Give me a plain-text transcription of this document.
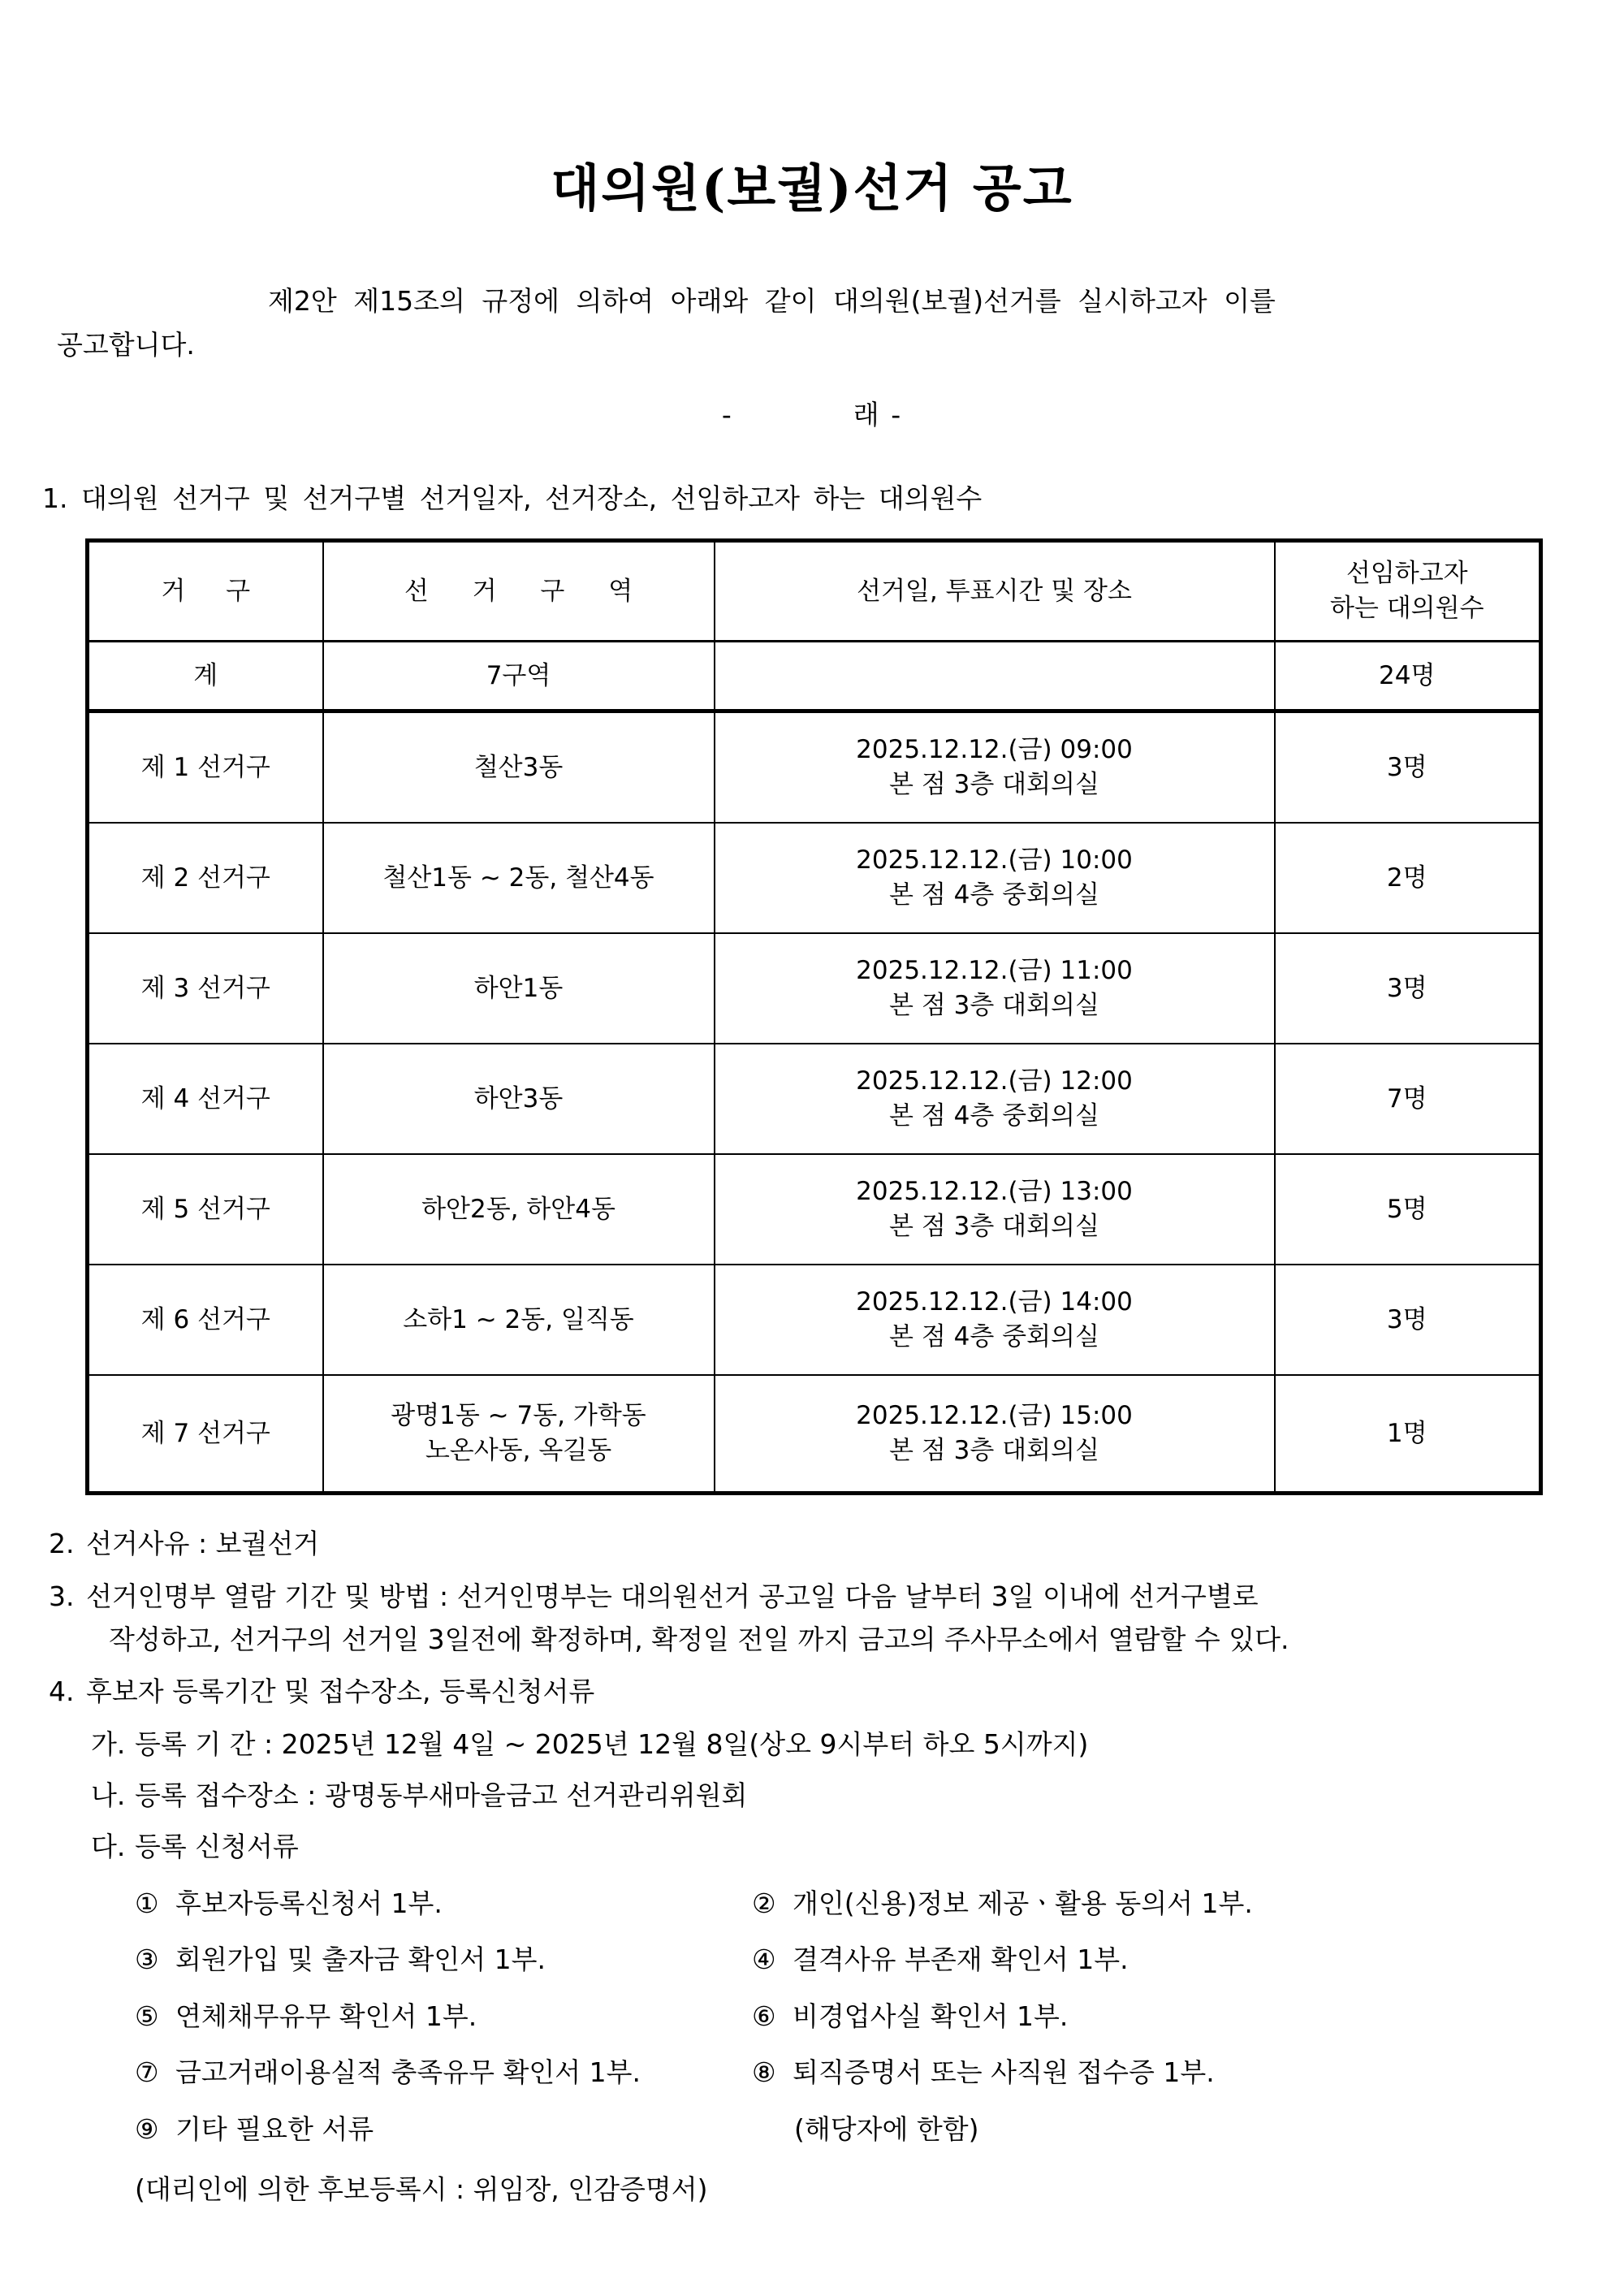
대의원(보궐)선거 공고

제2안 제15조의 규정에 의하여 아래와 같이 대의원(보궐)선거를 실시하고자 이를
공고합니다.

-래 -

1. 대의원 선거구 및 선거구별 선거일자, 선거장소, 선임하고자 하는 대의원수

거 구	선 거 구 역	선거일, 투표시간 및 장소	선임하고자
하는 대의원수
계	7구역		24명
제 1 선거구	철산3동	2025.12.12.(금) 09:00
본 점 3층 대회의실	3명
제 2 선거구	철산1동 ~ 2동, 철산4동	2025.12.12.(금) 10:00
본 점 4층 중회의실	2명
제 3 선거구	하안1동	2025.12.12.(금) 11:00
본 점 3층 대회의실	3명
제 4 선거구	하안3동	2025.12.12.(금) 12:00
본 점 4층 중회의실	7명
제 5 선거구	하안2동, 하안4동	2025.12.12.(금) 13:00
본 점 3층 대회의실	5명
제 6 선거구	소하1 ~ 2동, 일직동	2025.12.12.(금) 14:00
본 점 4층 중회의실	3명
제 7 선거구	광명1동 ~ 7동, 가학동
노온사동, 옥길동	2025.12.12.(금) 15:00
본 점 3층 대회의실	1명
2. 선거사유 : 보궐선거
3. 선거인명부 열람 기간 및 방법 : 선거인명부는 대의원선거 공고일 다음 날부터 3일 이내에 선거구별로
작성하고, 선거구의 선거일 3일전에 확정하며, 확정일 전일 까지 금고의 주사무소에서 열람할 수 있다.
4. 후보자 등록기간 및 접수장소, 등록신청서류
가. 등록 기 간 : 2025년 12월 4일 ~ 2025년 12월 8일(상오 9시부터 하오 5시까지)
나. 등록 접수장소 : 광명동부새마을금고 선거관리위원회
다. 등록 신청서류
① 후보자등록신청서 1부.	② 개인(신용)정보 제공ㆍ활용 동의서 1부.
③ 회원가입 및 출자금 확인서 1부.	④ 결격사유 부존재 확인서 1부.
⑤ 연체채무유무 확인서 1부.	⑥ 비경업사실 확인서 1부.
⑦ 금고거래이용실적 충족유무 확인서 1부.	⑧ 퇴직증명서 또는 사직원 접수증 1부.
⑨ 기타 필요한 서류	(해당자에 한함)
(대리인에 의한 후보등록시 : 위임장, 인감증명서)
